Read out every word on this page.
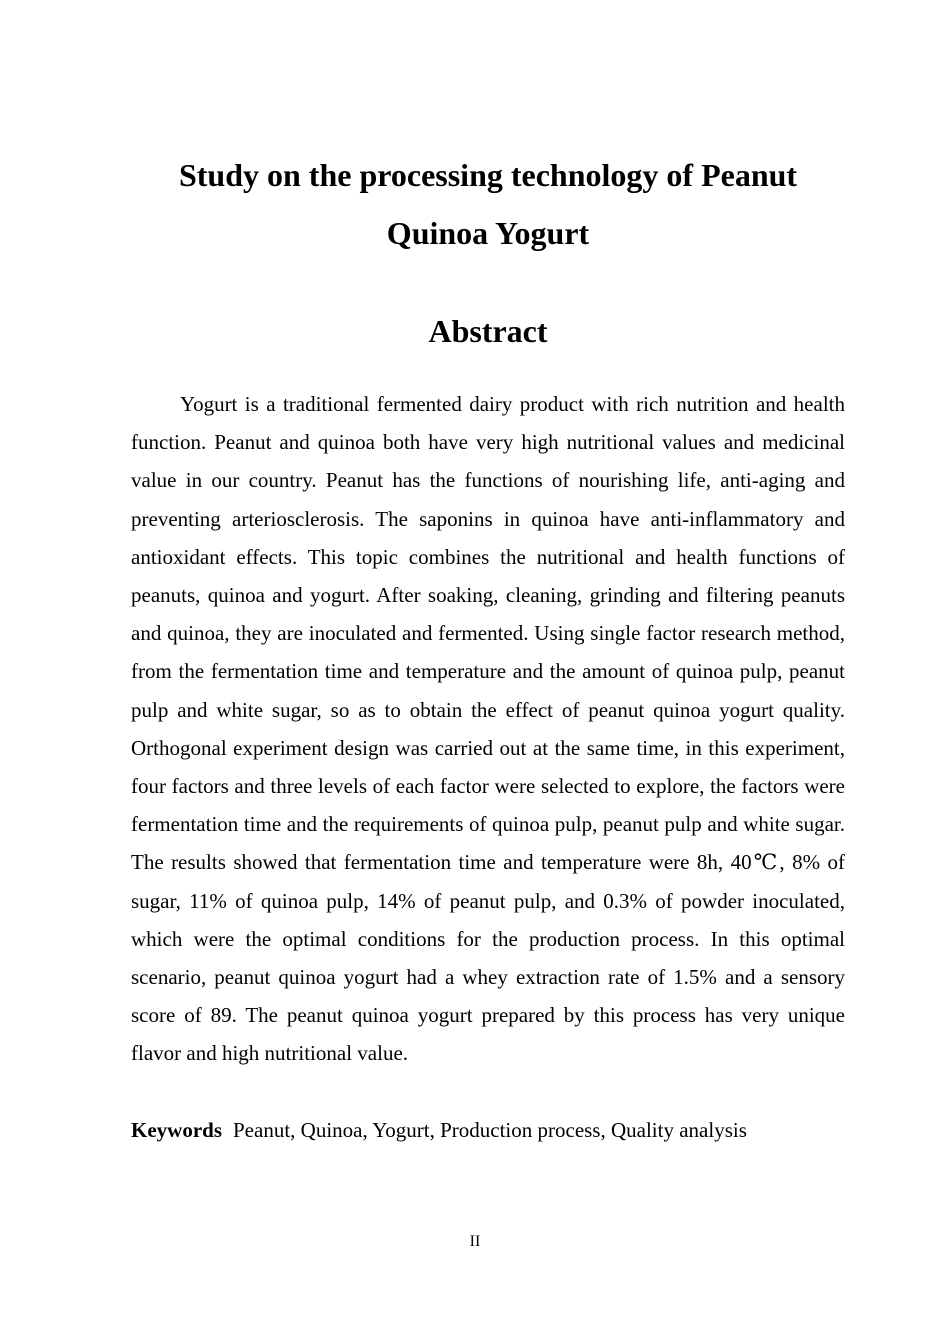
Study on the processing technology of Peanut
Quinoa Yogurt
Abstract

Yogurt is a traditional fermented dairy product with rich nutrition and health function. Peanut and quinoa both have very high nutritional values and medicinal value in our country. Peanut has the functions of nourishing life, anti-aging and preventing arteriosclerosis. The saponins in quinoa have anti-inflammatory and antioxidant effects. This topic combines the nutritional and health functions of peanuts, quinoa and yogurt. After soaking, cleaning, grinding and filtering peanuts and quinoa, they are inoculated and fermented. Using single factor research method, from the fermentation time and temperature and the amount of quinoa pulp, peanut pulp and white sugar, so as to obtain the effect of peanut quinoa yogurt quality. Orthogonal experiment design was carried out at the same time, in this experiment, four factors and three levels of each factor were selected to explore, the factors were fermentation time and the requirements of quinoa pulp, peanut pulp and white sugar. The results showed that fermentation time and temperature were 8h, 40℃, 8% of sugar, 11% of quinoa pulp, 14% of peanut pulp, and 0.3% of powder inoculated, which were the optimal conditions for the production process. In this optimal scenario, peanut quinoa yogurt had a whey extraction rate of 1.5% and a sensory score of 89. The peanut quinoa yogurt prepared by this process has very unique flavor and high nutritional value.

Keywords Peanut, Quinoa, Yogurt, Production process, Quality analysis

II
